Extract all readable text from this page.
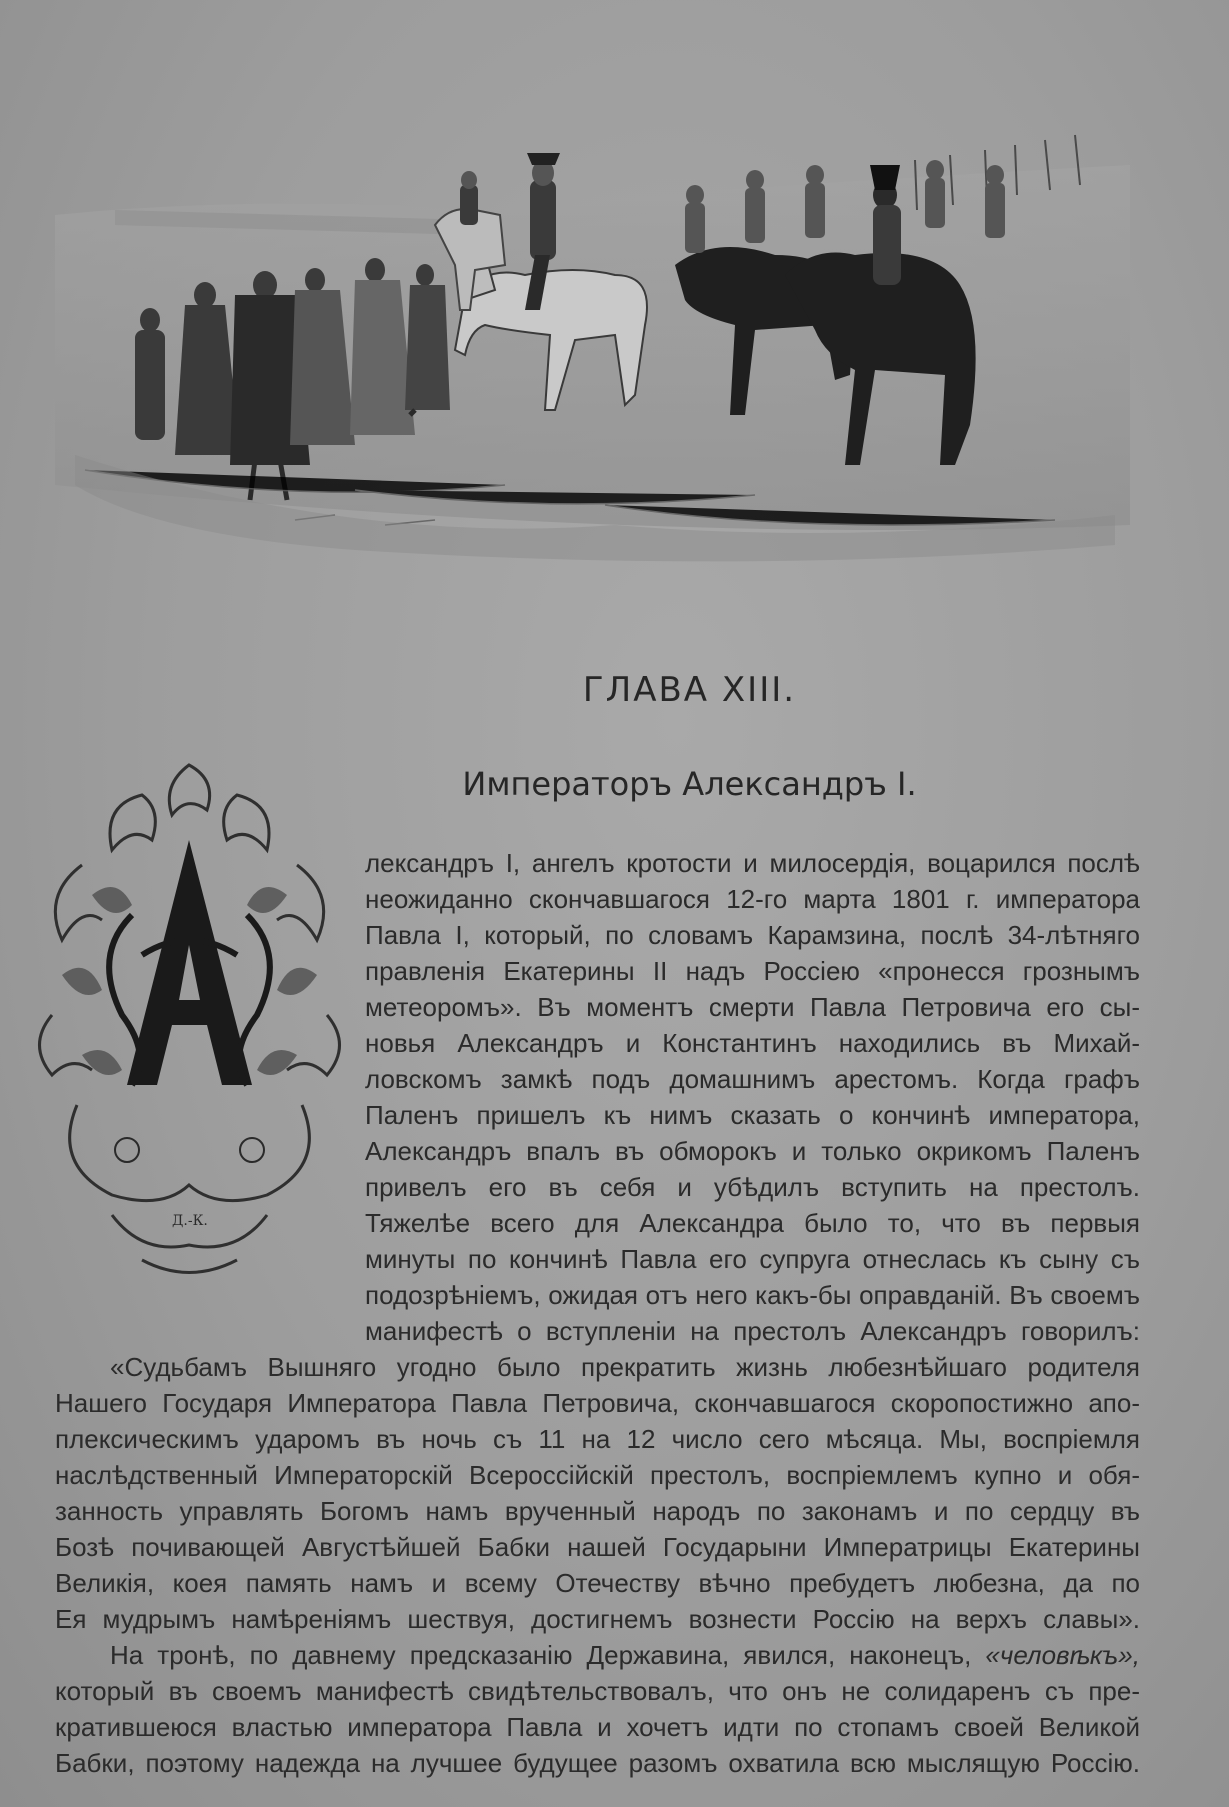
ГЛАВА XIII.
Императоръ Александръ I.
Д.-К.
лександръ I, ангелъ кротости и милосердія, воцарился послѣ
неожиданно скончавшагося 12-го марта 1801 г. императора
Павла I, который, по словамъ Карамзина, послѣ 34-лѣтняго
правленія Екатерины II надъ Россіею «пронесся грознымъ
метеоромъ». Въ моментъ смерти Павла Петровича его сы-
новья Александръ и Константинъ находились въ Михай-
ловскомъ замкѣ подъ домашнимъ арестомъ. Когда графъ
Паленъ пришелъ къ нимъ сказать о кончинѣ императора,
Александръ впалъ въ обморокъ и только окрикомъ Паленъ
привелъ его въ себя и убѣдилъ вступить на престолъ.
Тяжелѣе всего для Александра было то, что въ первыя
минуты по кончинѣ Павла его супруга отнеслась къ сыну съ
подозрѣніемъ, ожидая отъ него какъ-бы оправданій. Въ своемъ
манифестѣ о вступленіи на престолъ Александръ говорилъ:
«Судьбамъ Вышняго угодно было прекратить жизнь любезнѣйшаго родителя
Нашего Государя Императора Павла Петровича, скончавшагося скоропостижно апо-
плексическимъ ударомъ въ ночь съ 11 на 12 число сего мѣсяца. Мы, воспріемля
наслѣдственный Императорскій Всероссійскій престолъ, воспріемлемъ купно и обя-
занность управлять Богомъ намъ врученный народъ по законамъ и по сердцу въ
Бозѣ почивающей Августѣйшей Бабки нашей Государыни Императрицы Екатерины
Великія, коея память намъ и всему Отечеству вѣчно пребудетъ любезна, да по
Ея мудрымъ намѣреніямъ шествуя, достигнемъ вознести Россію на верхъ славы».
На тронѣ, по давнему предсказанію Державина, явился, наконецъ, «человѣкъ»,
который въ своемъ манифестѣ свидѣтельствовалъ, что онъ не солидаренъ съ пре-
кратившеюся властью императора Павла и хочетъ идти по стопамъ своей Великой
Бабки, поэтому надежда на лучшее будущее разомъ охватила всю мыслящую Россію.
